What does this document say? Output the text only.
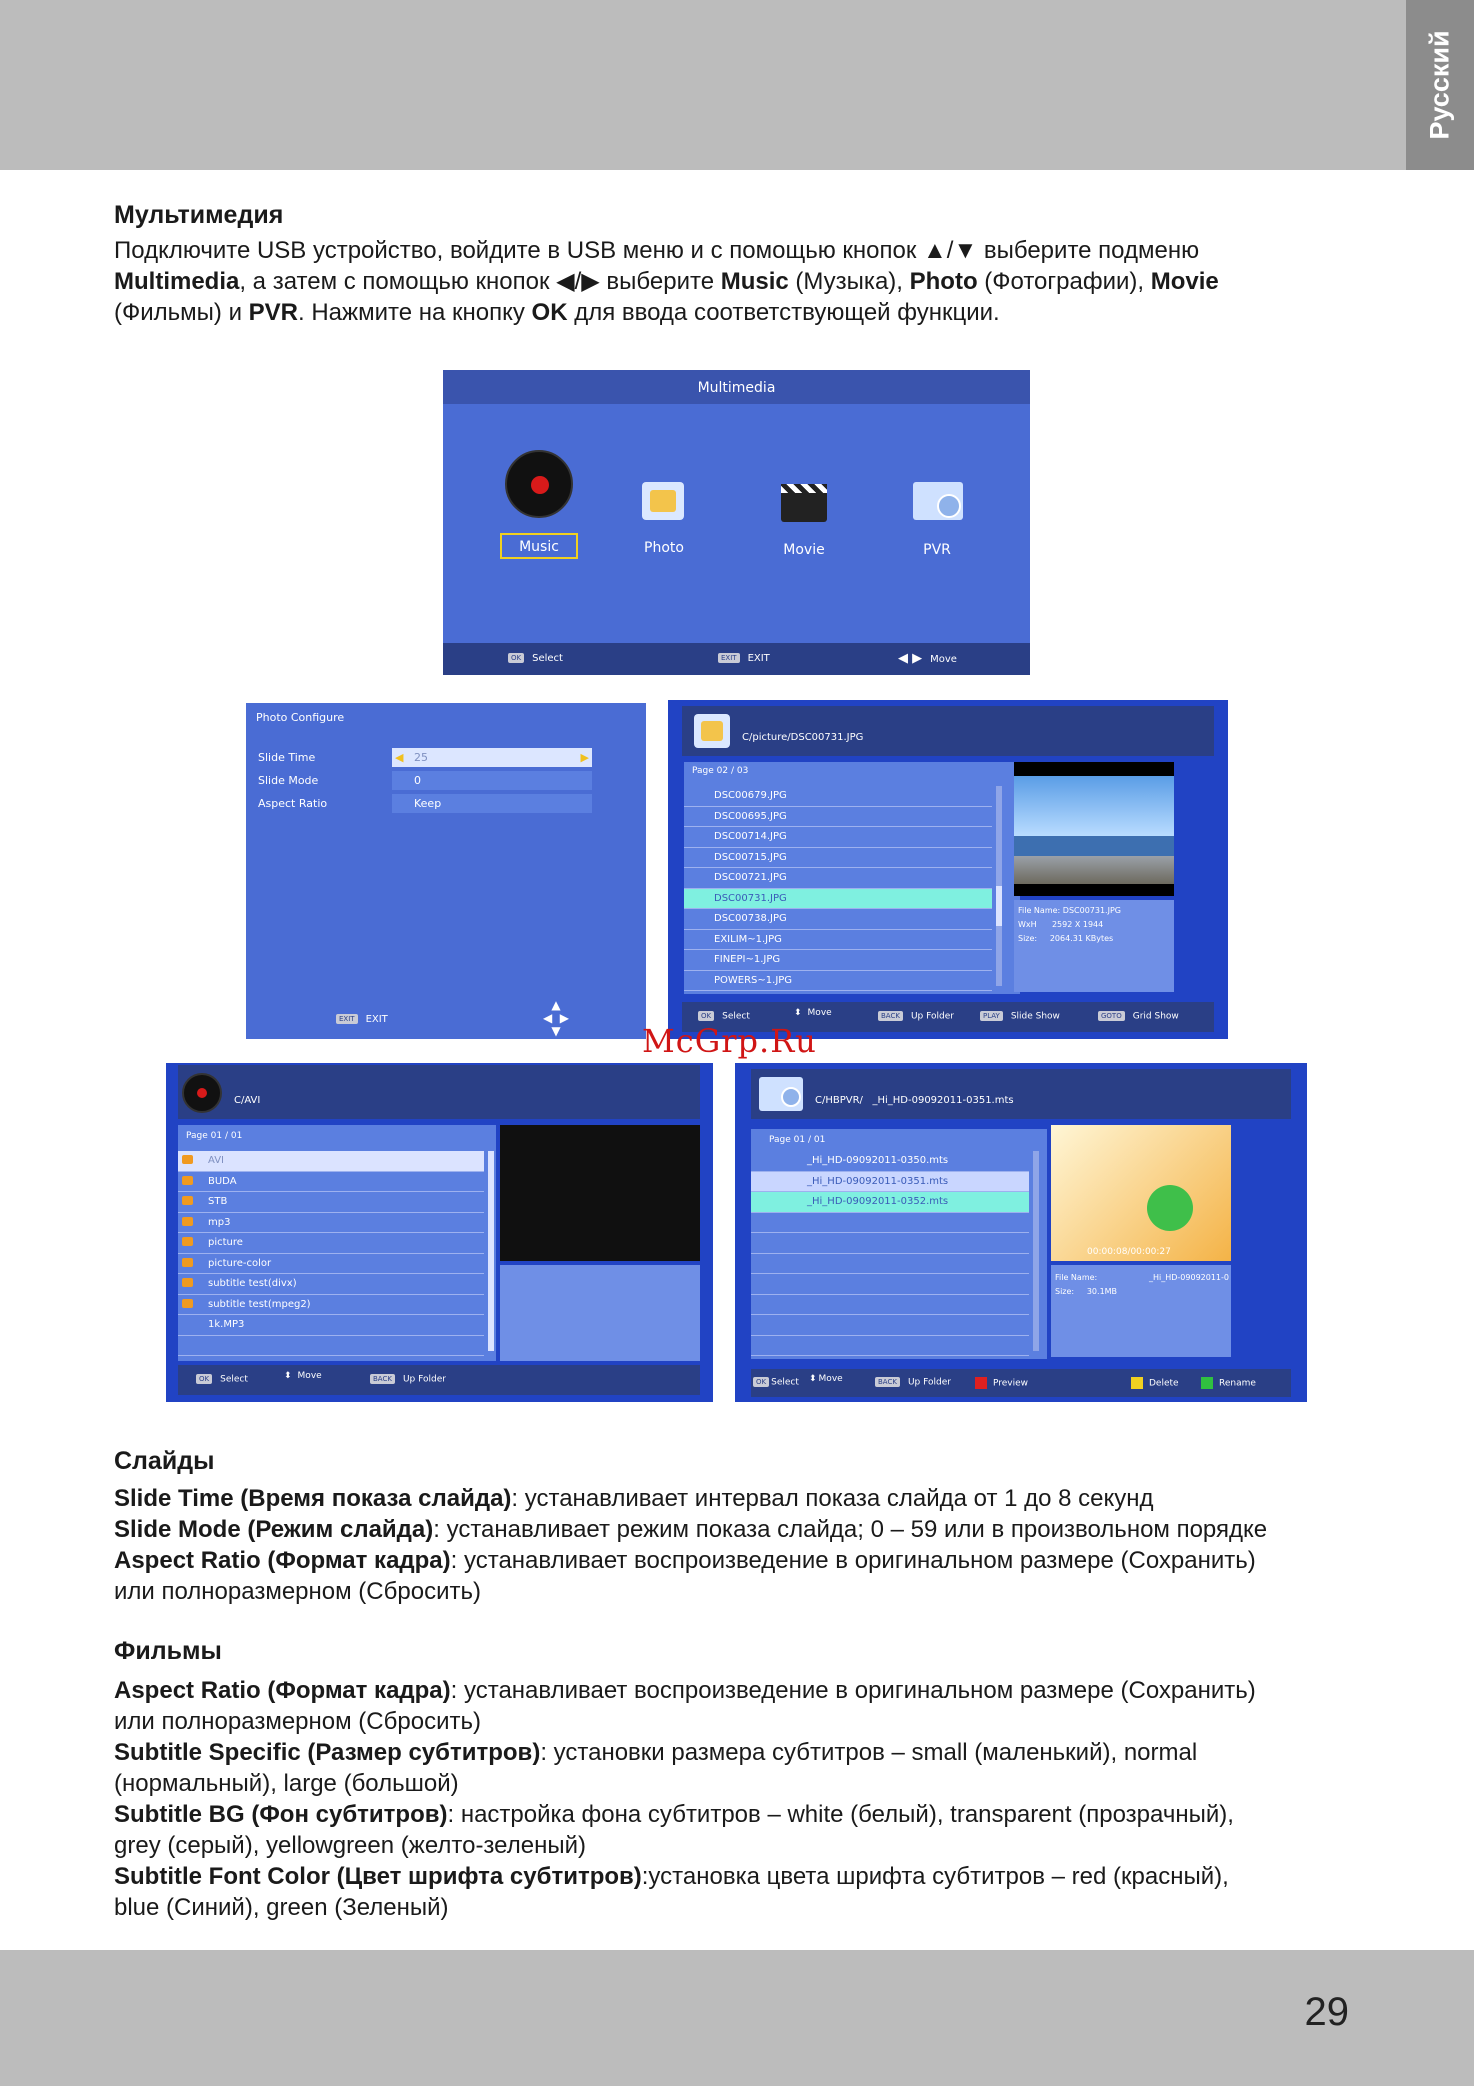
Русский
Мультимедия
Подключите USB устройство, войдите в USB меню и с помощью кнопок ▲/▼ выберите подменю
Multimedia, а затем с помощью кнопок ◀/▶ выберите Music (Музыка), Photo (Фотографии), Movie
(Фильмы) и PVR. Нажмите на кнопку OK для ввода соответствующей функции.
Multimedia
Music	Photo	Movie	PVR
OK Select	EXIT EXIT	◀ ▶ Move
Photo Configure
Slide Time	25
◀	▶
Slide Mode	0
Aspect Ratio	Keep
EXIT EXIT
▲
◀  ▶
▼
C/picture/DSC00731.JPG
Page 02 / 03
DSC00679.JPG
DSC00695.JPG
DSC00714.JPG
DSC00715.JPG
DSC00721.JPG
DSC00731.JPG
DSC00738.JPG
EXILIM~1.JPG
FINEPI~1.JPG
POWERS~1.JPG
File Name: DSC00731.JPG
WxH 2592 X 1944
Size: 2064.31 KBytes
OK Select	⬍ Move	BACK Up Folder	PLAY Slide Show	GOTO Grid Show
C/AVI
Page 01 / 01
AVI
BUDA
STB
mp3
picture
picture-color
subtitle test(divx)
subtitle test(mpeg2)
1k.MP3
OK Select	⬍ Move	BACK Up Folder
C/HBPVR/ _Hi_HD-09092011-0351.mts
Page 01 / 01
_Hi_HD-09092011-0350.mts
_Hi_HD-09092011-0351.mts
_Hi_HD-09092011-0352.mts
00:00:08/00:00:27
File Name:	_Hi_HD-09092011-0
Size: 30.1MB
OK Select ⬍ Move	BACK Up Folder	Preview	Delete	Rename
McGrp.Ru
Слайды
Slide Time (Время показа слайда): устанавливает интервал показа слайда от 1 до 8 секунд
Slide Mode (Режим слайда): устанавливает режим показа слайда; 0 – 59 или в произвольном порядке
Aspect Ratio (Формат кадра): устанавливает воспроизведение в оригинальном размере (Сохранить)
или полноразмерном (Сбросить)
Фильмы
Aspect Ratio (Формат кадра): устанавливает воспроизведение в оригинальном размере (Сохранить)
или полноразмерном (Сбросить)
Subtitle Specific (Размер субтитров): установки размера субтитров – small (маленький), normal
(нормальный), large (большой)
Subtitle BG (Фон субтитров): настройка фона субтитров – white (белый), transparent (прозрачный),
grey (серый), yellowgreen (желто-зеленый)
Subtitle Font Color (Цвет шрифта субтитров):установка цвета шрифта субтитров – red (красный),
blue (Синий), green (Зеленый)
29
